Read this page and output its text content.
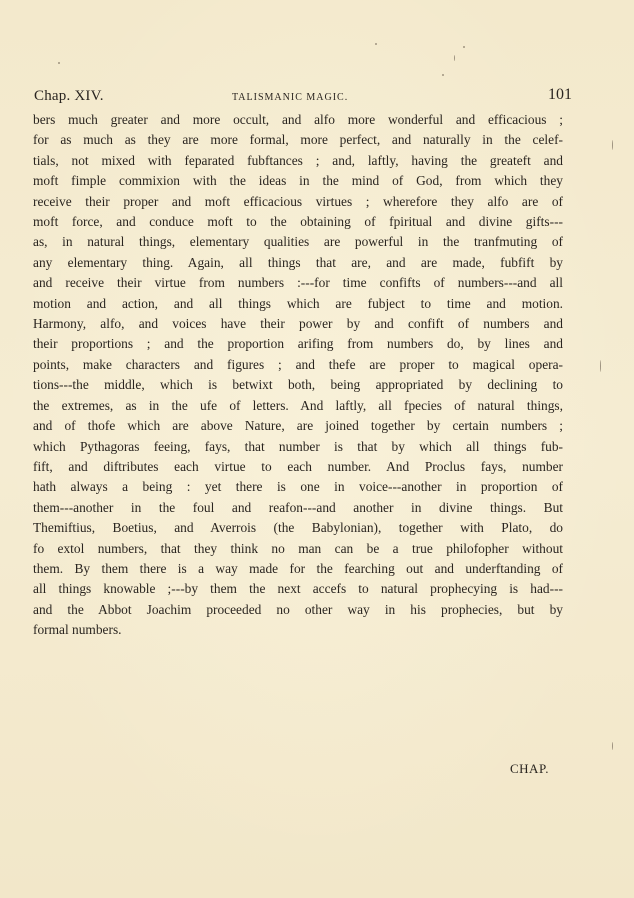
Chap. XIV.	TALISMANIC MAGIC.	101
bers much greater and more occult, and alfo more wonderful and efficacious ;
for as much as they are more formal, more perfect, and naturally in the celef-
tials, not mixed with feparated fubftances ; and, laftly, having the greateft and
moft fimple commixion with the ideas in the mind of God, from which they
receive their proper and moft efficacious virtues ; wherefore they alfo are of
moft force, and conduce moft to the obtaining of fpiritual and divine gifts---
as, in natural things, elementary qualities are powerful in the tranfmuting of
any elementary thing. Again, all things that are, and are made, fubfift by
and receive their virtue from numbers :---for time confifts of numbers---and all
motion and action, and all things which are fubject to time and motion.
Harmony, alfo, and voices have their power by and confift of numbers and
their proportions ; and the proportion arifing from numbers do, by lines and
points, make characters and figures ; and thefe are proper to magical opera-
tions---the middle, which is betwixt both, being appropriated by declining to
the extremes, as in the ufe of letters. And laftly, all fpecies of natural things,
and of thofe which are above Nature, are joined together by certain numbers ;
which Pythagoras feeing, fays, that number is that by which all things fub-
fift, and diftributes each virtue to each number. And Proclus fays, number
hath always a being : yet there is one in voice---another in proportion of
them---another in the foul and reafon---and another in divine things. But
Themiftius, Boetius, and Averrois (the Babylonian), together with Plato, do
fo extol numbers, that they think no man can be a true philofopher without
them. By them there is a way made for the fearching out and underftanding of
all things knowable ;---by them the next accefs to natural prophecying is had---
and the Abbot Joachim proceeded no other way in his prophecies, but by
formal numbers.
CHAP.
